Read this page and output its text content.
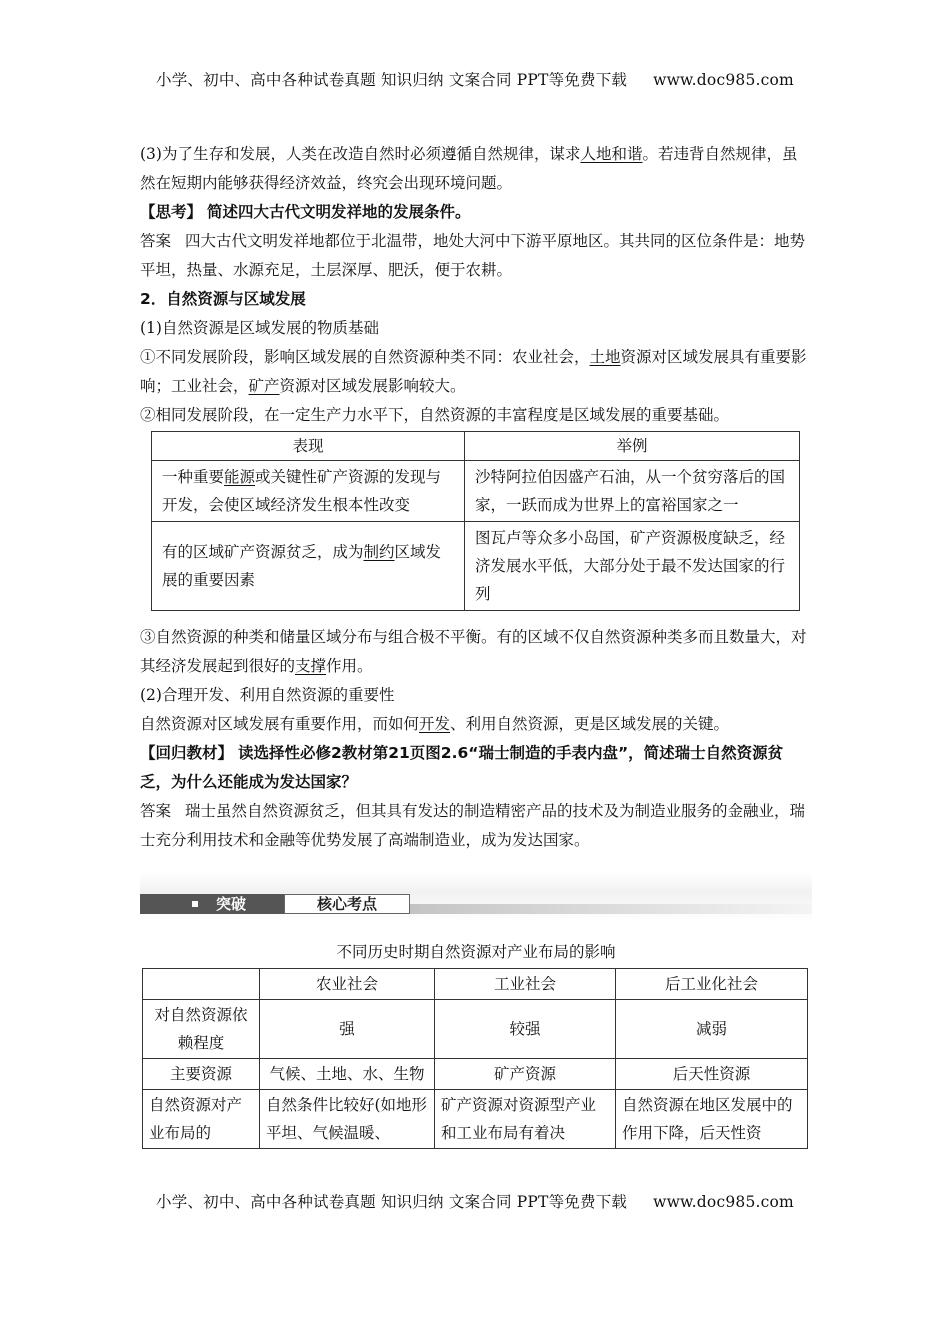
小学、初中、高中各种试卷真题 知识归纳 文案合同 PPT等免费下载 www.doc985.com

(3)为了生存和发展，人类在改造自然时必须遵循自然规律，谋求人地和谐。若违背自然规律，虽然在短期内能够获得经济效益，终究会出现环境问题。

【思考】 简述四大古代文明发祥地的发展条件。

答案 四大古代文明发祥地都位于北温带，地处大河中下游平原地区。其共同的区位条件是：地势平坦，热量、水源充足，土层深厚、肥沃，便于农耕。

2．自然资源与区域发展

(1)自然资源是区域发展的物质基础

①不同发展阶段，影响区域发展的自然资源种类不同：农业社会，土地资源对区域发展具有重要影响；工业社会，矿产资源对区域发展影响较大。

②相同发展阶段，在一定生产力水平下，自然资源的丰富程度是区域发展的重要基础。

表现	举例
一种重要能源或关键性矿产资源的发现与开发，会使区域经济发生根本性改变	沙特阿拉伯因盛产石油，从一个贫穷落后的国家，一跃而成为世界上的富裕国家之一
有的区域矿产资源贫乏，成为制约区域发展的重要因素	图瓦卢等众多小岛国，矿产资源极度缺乏，经济发展水平低，大部分处于最不发达国家的行列

③自然资源的种类和储量区域分布与组合极不平衡。有的区域不仅自然资源种类多而且数量大，对其经济发展起到很好的支撑作用。

(2)合理开发、利用自然资源的重要性

自然资源对区域发展有重要作用，而如何开发、利用自然资源，更是区域发展的关键。

【回归教材】 读选择性必修2教材第21页图2.6“瑞士制造的手表内盘”，简述瑞士自然资源贫乏，为什么还能成为发达国家？

答案 瑞士虽然自然资源贫乏，但其具有发达的制造精密产品的技术及为制造业服务的金融业，瑞士充分利用技术和金融等优势发展了高端制造业，成为发达国家。

突破	核心考点
不同历史时期自然资源对产业布局的影响
	农业社会	工业社会	后工业化社会
对自然资源依赖程度	强	较强	减弱
主要资源	气候、土地、水、生物	矿产资源	后天性资源
自然资源对产业布局的	自然条件比较好(如地形平坦、气候温暖、	矿产资源对资源型产业和工业布局有着决	自然资源在地区发展中的作用下降，后天性资
小学、初中、高中各种试卷真题 知识归纳 文案合同 PPT等免费下载 www.doc985.com
